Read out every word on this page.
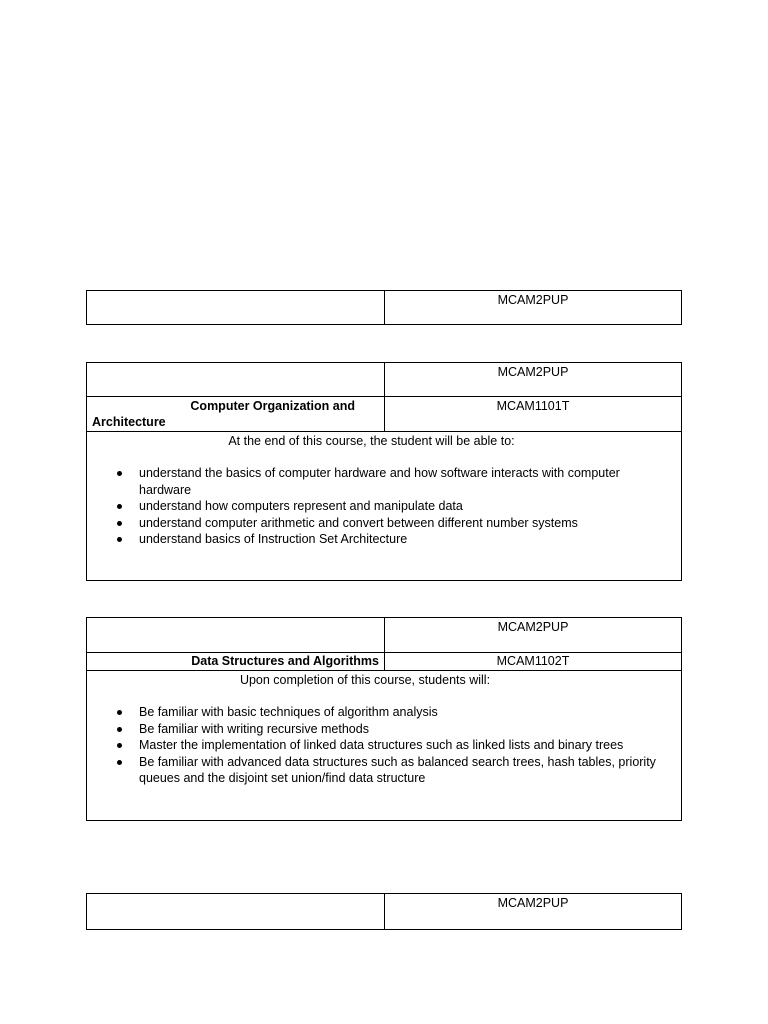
MCAM2PUP
MCAM2PUP
Computer Organization and
Architecture
MCAM1101T
At the end of this course, the student will be able to:
understand the basics of computer hardware and how software interacts with computer hardware
understand how computers represent and manipulate data
understand computer arithmetic and convert between different number systems
understand basics of Instruction Set Architecture
MCAM2PUP
Data Structures and Algorithms	MCAM1102T
Upon completion of this course, students will:
Be familiar with basic techniques of algorithm analysis
Be familiar with writing recursive methods
Master the implementation of linked data structures such as linked lists and binary trees
Be familiar with advanced data structures such as balanced search trees, hash tables, priority queues and the disjoint set union/find data structure
MCAM2PUP
